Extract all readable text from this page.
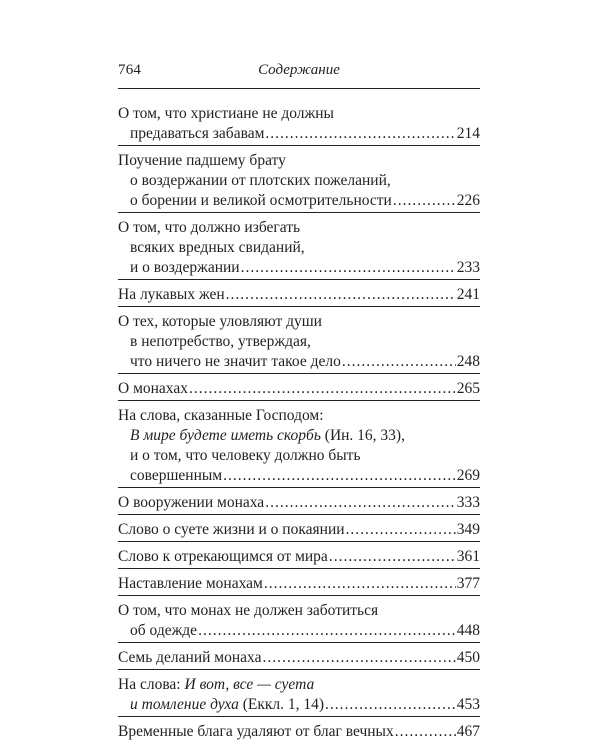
764	Содержание
О том, что христиане не должны
предаваться забавам .....	214
Поучение падшему брату
о воздержании от плотских пожеланий,
о борении и великой осмотрительности .....	226
О том, что должно избегать
всяких вредных свиданий,
и о воздержании .....	233
На лукавых жен .....	241
О тех, которые уловляют души
в непотребство, утверждая,
что ничего не значит такое дело .....	248
О монахах .....	265
На слова, сказанные Господом:
В мире будете иметь скорбь (Ин. 16, 33),
и о том, что человеку должно быть
совершенным .....	269
О вооружении монаха .....	333
Слово о суете жизни и о покаянии .....	349
Слово к отрекающимся от мира .....	361
Наставление монахам .....	377
О том, что монах не должен заботиться
об одежде .....	448
Семь деланий монаха .....	450
На слова: И вот, все — суета
и томление духа (Еккл. 1, 14) .....	453
Временные блага удаляют от благ вечных .....	467
